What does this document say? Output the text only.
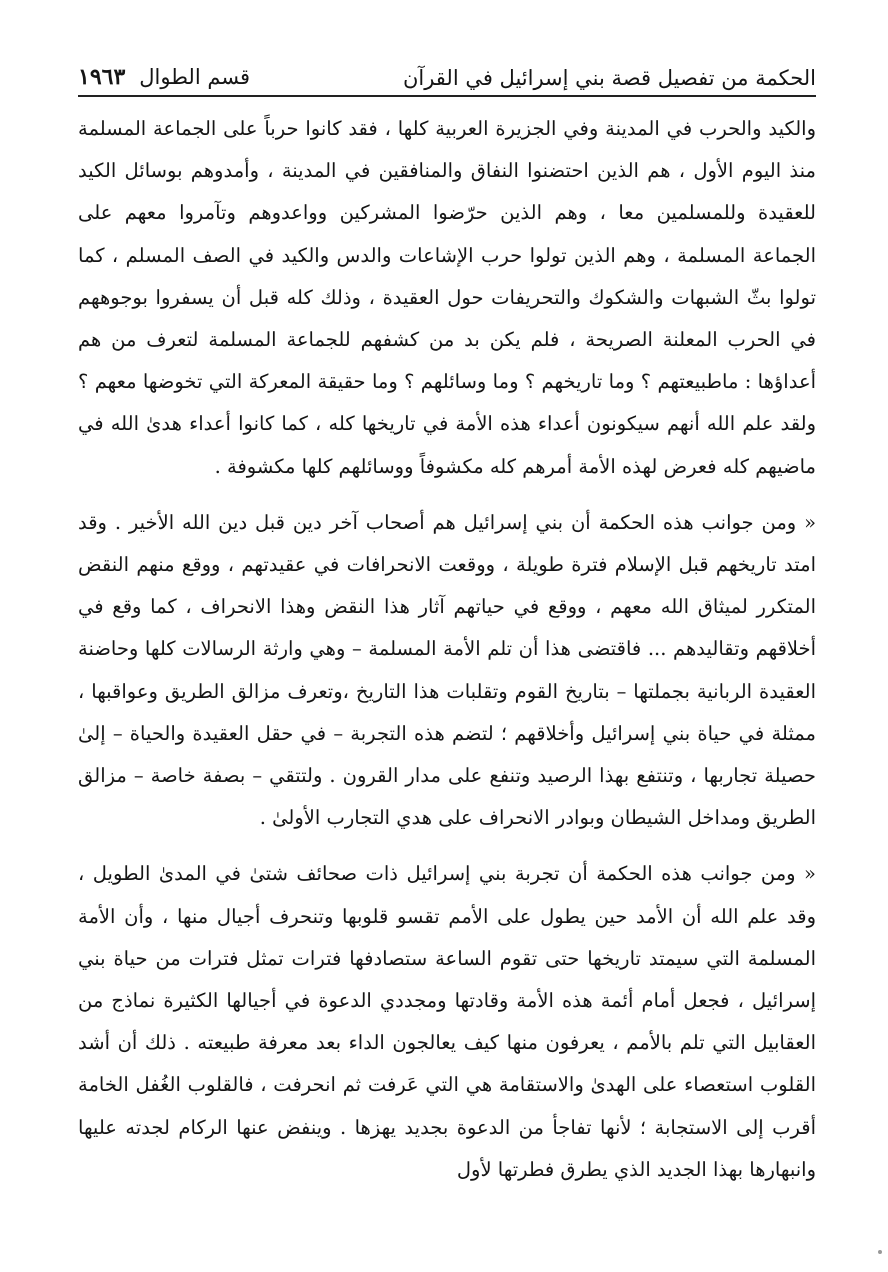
الحكمة من تفصيل قصة بني إسرائيل في القرآن
قسم الطوال
١٩٦٣

والكيد والحرب في المدينة وفي الجزيرة العربية كلها ، فقد كانوا حرباً على الجماعة المسلمة منذ اليوم الأول ، هم الذين احتضنوا النفاق والمنافقين في المدينة ، وأمدوهم بوسائل الكيد للعقيدة وللمسلمين معا ، وهم الذين حرّضوا المشركين وواعدوهم وتآمروا معهم على الجماعة المسلمة ، وهم الذين تولوا حرب الإشاعات والدس والكيد في الصف المسلم ، كما تولوا بثّ الشبهات والشكوك والتحريفات حول العقيدة ، وذلك كله قبل أن يسفروا بوجوههم في الحرب المعلنة الصريحة ، فلم يكن بد من كشفهم للجماعة المسلمة لتعرف من هم أعداؤها : ماطبيعتهم ؟ وما تاريخهم ؟ وما وسائلهم ؟ وما حقيقة المعركة التي تخوضها معهم ؟ ولقد علم الله أنهم سيكونون أعداء هذه الأمة في تاريخها كله ، كما كانوا أعداء هدىٰ الله في ماضيهم كله فعرض لهذه الأمة أمرهم كله مكشوفاً ووسائلهم كلها مكشوفة .

« ومن جوانب هذه الحكمة أن بني إسرائيل هم أصحاب آخر دين قبل دين الله الأخير . وقد امتد تاريخهم قبل الإسلام فترة طويلة ، ووقعت الانحرافات في عقيدتهم ، ووقع منهم النقض المتكرر لميثاق الله معهم ، ووقع في حياتهم آثار هذا النقض وهذا الانحراف ، كما وقع في أخلاقهم وتقاليدهم ... فاقتضى هذا أن تلم الأمة المسلمة – وهي وارثة الرسالات كلها وحاضنة العقيدة الربانية بجملتها – بتاريخ القوم وتقلبات هذا التاريخ ،وتعرف مزالق الطريق وعواقبها ، ممثلة في حياة بني إسرائيل وأخلاقهم ؛ لتضم هذه التجربة – في حقل العقيدة والحياة – إلىٰ حصيلة تجاربها ، وتنتفع بهذا الرصيد وتنفع على مدار القرون . ولتتقي – بصفة خاصة – مزالق الطريق ومداخل الشيطان وبوادر الانحراف على هدي التجارب الأولىٰ .

« ومن جوانب هذه الحكمة أن تجربة بني إسرائيل ذات صحائف شتىٰ في المدىٰ الطويل ، وقد علم الله أن الأمد حين يطول على الأمم تقسو قلوبها وتنحرف أجيال منها ، وأن الأمة المسلمة التي سيمتد تاريخها حتى تقوم الساعة ستصادفها فترات تمثل فترات من حياة بني إسرائيل ، فجعل أمام أئمة هذه الأمة وقادتها ومجددي الدعوة في أجيالها الكثيرة نماذج من العقابيل التي تلم بالأمم ، يعرفون منها كيف يعالجون الداء بعد معرفة طبيعته . ذلك أن أشد القلوب استعصاء على الهدىٰ والاستقامة هي التي عَرفت ثم انحرفت ، فالقلوب الغُفل الخامة أقرب إلى الاستجابة ؛ لأنها تفاجأ من الدعوة بجديد يهزها . وينفض عنها الركام لجدته عليها وانبهارها بهذا الجديد الذي يطرق فطرتها لأول
